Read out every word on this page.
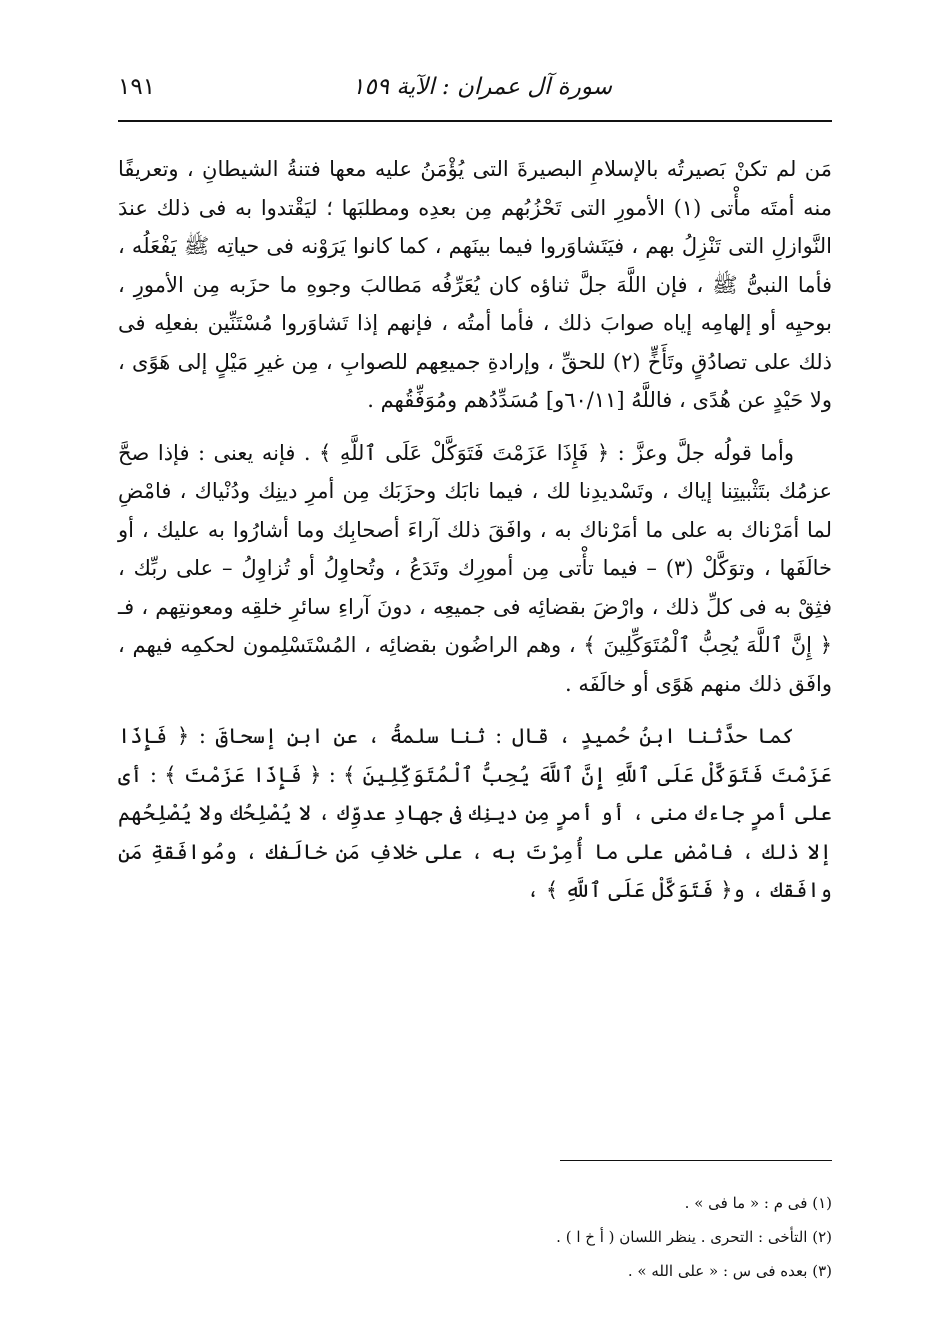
سورة آل عمران : الآية ١٥٩
١٩١

مَن لم تكنْ بَصيرتُه بالإسلامِ البصيرةَ التى يُؤْمَنُ عليه معها فتنةُ الشيطانِ ، وتعريفًا منه أمتَه مأْتى (١) الأمورِ التى تَحْزُبُهم مِن بعدِه ومطلبَها ؛ ليَقْتدوا به فى ذلك عندَ النَّوازلِ التى تَنْزِلُ بهم ، فيَتَشاوَروا فيما بينَهم ، كما كانوا يَرَوْنه فى حياتِه ﷺ يَفْعَلُه ، فأما النبىُّ ﷺ ، فإن اللَّهَ جلَّ ثناؤه كان يُعَرِّفُه مَطالبَ وجوهِ ما حزَبه مِن الأمورِ ، بوحيِه أو إلهامِه إياه صوابَ ذلك ، فأما أمتُه ، فإنهم إذا تَشاوَروا مُسْتَنِّين بفعلِه فى ذلك على تصادُقٍ وتَأَخٍّ (٢) للحقِّ ، وإرادةِ جميعِهم للصوابِ ، مِن غيرِ مَيْلٍ إلى هَوًى ، ولا حَيْدٍ عن هُدًى ، فاللَّهُ [٦٠/١١و] مُسَدِّدُهم ومُوَفِّقُهم .

وأما قولُه جلَّ وعزَّ : ﴿ فَإِذَا عَزَمْتَ فَتَوَكَّلْ عَلَى ٱللَّهِ ﴾ . فإنه يعنى : فإذا صحَّ عزمُك بتَثْبيتِنا إياك ، وتَسْديدِنا لك ، فيما نابَك وحزَبَك مِن أمرِ دينِك ودُنْياك ، فامْضِ لما أمَرْناك به على ما أمَرْناك به ، وافَقَ ذلك آراءَ أصحابِك وما أشارُوا به عليك ، أو خالَفَها ، وتوَكَّلْ (٣) – فيما تأْتى مِن أمورِك وتَدَعُ ، وتُحاوِلُ أو تُزاوِلُ – على ربِّك ، فثِقْ به فى كلِّ ذلك ، وارْضَ بقضائِه فى جميعِه ، دونَ آراءِ سائرِ خلقِه ومعونتِهم ، فـ ﴿ إِنَّ ٱللَّهَ يُحِبُّ ٱلْمُتَوَكِّلِينَ ﴾ ، وهم الراضُون بقضائِه ، المُسْتَسْلِمون لحكمِه فيهم ، وافَق ذلك منهم هَوًى أو خالَفَه .

كما حدَّثنا ابنُ حُميدٍ ، قال : ثنا سلمةُ ، عن ابنِ إسحاقَ : ﴿ فَإِذَا عَزَمْتَ فَتَوَكَّلْ عَلَى ٱللَّهِ إِنَّ ٱللَّهَ يُحِبُّ ٱلْمُتَوَكِّلِينَ ﴾ : ﴿ فَإِذَا عَزَمْتَ ﴾ : أى على أمرٍ جاءك منى ، أو أمرٍ مِن دينِك فى جهادِ عدوِّك ، لا يُصْلِحُك ولا يُصْلِحُهم إلا ذلك ، فامْضِ على ما أُمِرْتَ به ، على خلافِ مَن خالَفك ، ومُوافَقةِ مَن وافَقك ، و﴿ فَتَوَكَّلْ عَلَى ٱللَّهِ ﴾ ،

(١) فى م : « ما فى » .

(٢) التأخى : التحرى . ينظر اللسان ( أ خ ا ) .

(٣) بعده فى س : « على الله » .
